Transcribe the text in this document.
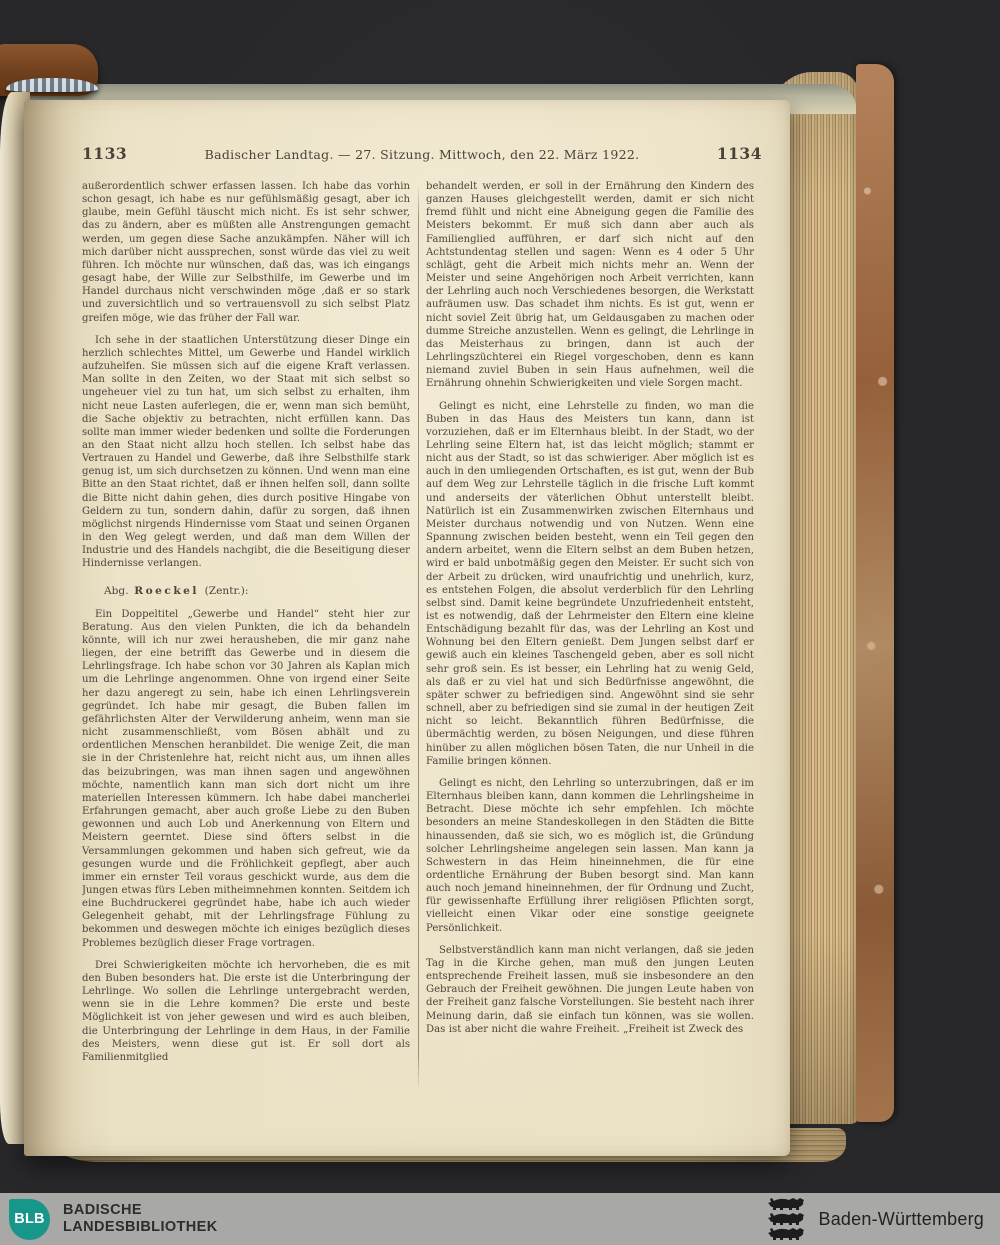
1133	Badischer Landtag. — 27. Sitzung. Mittwoch, den 22. März 1922.	1134

außerordentlich schwer erfassen lassen. Ich habe das vorhin schon gesagt, ich habe es nur gefühlsmäßig gesagt, aber ich glaube, mein Gefühl täuscht mich nicht. Es ist sehr schwer, das zu ändern, aber es müßten alle Anstrengungen gemacht werden, um gegen diese Sache anzukämpfen. Näher will ich mich darüber nicht aussprechen, sonst würde das viel zu weit führen. Ich möchte nur wünschen, daß das, was ich eingangs gesagt habe, der Wille zur Selbsthilfe, im Gewerbe und im Handel durchaus nicht verschwinden möge ,daß er so stark und zuversichtlich und so vertrauensvoll zu sich selbst Platz greifen möge, wie das früher der Fall war.

Ich sehe in der staatlichen Unterstützung dieser Dinge ein herzlich schlechtes Mittel, um Gewerbe und Handel wirklich aufzuhelfen. Sie müssen sich auf die eigene Kraft verlassen. Man sollte in den Zeiten, wo der Staat mit sich selbst so ungeheuer viel zu tun hat, um sich selbst zu erhalten, ihm nicht neue Lasten auferlegen, die er, wenn man sich bemüht, die Sache objektiv zu betrachten, nicht erfüllen kann. Das sollte man immer wieder bedenken und sollte die Forderungen an den Staat nicht allzu hoch stellen. Ich selbst habe das Vertrauen zu Handel und Gewerbe, daß ihre Selbsthilfe stark genug ist, um sich durchsetzen zu können. Und wenn man eine Bitte an den Staat richtet, daß er ihnen helfen soll, dann sollte die Bitte nicht dahin gehen, dies durch positive Hingabe von Geldern zu tun, sondern dahin, dafür zu sorgen, daß ihnen möglichst nirgends Hindernisse vom Staat und seinen Organen in den Weg gelegt werden, und daß man dem Willen der Industrie und des Handels nachgibt, die die Beseitigung dieser Hindernisse verlangen.

Abg. Roeckel (Zentr.):

Ein Doppeltitel „Gewerbe und Handel“ steht hier zur Beratung. Aus den vielen Punkten, die ich da behandeln könnte, will ich nur zwei herausheben, die mir ganz nahe liegen, der eine betrifft das Gewerbe und in diesem die Lehrlingsfrage. Ich habe schon vor 30 Jahren als Kaplan mich um die Lehrlinge angenommen. Ohne von irgend einer Seite her dazu angeregt zu sein, habe ich einen Lehrlingsverein gegründet. Ich habe mir gesagt, die Buben fallen im gefährlichsten Alter der Verwilderung anheim, wenn man sie nicht zusammenschließt, vom Bösen abhält und zu ordentlichen Menschen heranbildet. Die wenige Zeit, die man sie in der Christenlehre hat, reicht nicht aus, um ihnen alles das beizubringen, was man ihnen sagen und angewöhnen möchte, namentlich kann man sich dort nicht um ihre materiellen Interessen kümmern. Ich habe dabei mancherlei Erfahrungen gemacht, aber auch große Liebe zu den Buben gewonnen und auch Lob und Anerkennung von Eltern und Meistern geerntet. Diese sind öfters selbst in die Versammlungen gekommen und haben sich gefreut, wie da gesungen wurde und die Fröhlichkeit gepflegt, aber auch immer ein ernster Teil voraus geschickt wurde, aus dem die Jungen etwas fürs Leben mitheimnehmen konnten. Seitdem ich eine Buchdruckerei gegründet habe, habe ich auch wieder Gelegenheit gehabt, mit der Lehrlingsfrage Fühlung zu bekommen und deswegen möchte ich einiges bezüglich dieses Problemes bezüglich dieser Frage vortragen.

Drei Schwierigkeiten möchte ich hervorheben, die es mit den Buben besonders hat. Die erste ist die Unterbringung der Lehrlinge. Wo sollen die Lehrlinge untergebracht werden, wenn sie in die Lehre kommen? Die erste und beste Möglichkeit ist von jeher gewesen und wird es auch bleiben, die Unterbringung der Lehrlinge in dem Haus, in der Familie des Meisters, wenn diese gut ist. Er soll dort als Familienmitglied

behandelt werden, er soll in der Ernährung den Kindern des ganzen Hauses gleichgestellt werden, damit er sich nicht fremd fühlt und nicht eine Abneigung gegen die Familie des Meisters bekommt. Er muß sich dann aber auch als Familienglied aufführen, er darf sich nicht auf den Achtstundentag stellen und sagen: Wenn es 4 oder 5 Uhr schlägt, geht die Arbeit mich nichts mehr an. Wenn der Meister und seine Angehörigen noch Arbeit verrichten, kann der Lehrling auch noch Verschiedenes besorgen, die Werkstatt aufräumen usw. Das schadet ihm nichts. Es ist gut, wenn er nicht soviel Zeit übrig hat, um Geldausgaben zu machen oder dumme Streiche anzustellen. Wenn es gelingt, die Lehrlinge in das Meisterhaus zu bringen, dann ist auch der Lehrlingszüchterei ein Riegel vorgeschoben, denn es kann niemand zuviel Buben in sein Haus aufnehmen, weil die Ernährung ohnehin Schwierigkeiten und viele Sorgen macht.

Gelingt es nicht, eine Lehrstelle zu finden, wo man die Buben in das Haus des Meisters tun kann, dann ist vorzuziehen, daß er im Elternhaus bleibt. In der Stadt, wo der Lehrling seine Eltern hat, ist das leicht möglich; stammt er nicht aus der Stadt, so ist das schwieriger. Aber möglich ist es auch in den umliegenden Ortschaften, es ist gut, wenn der Bub auf dem Weg zur Lehrstelle täglich in die frische Luft kommt und anderseits der väterlichen Obhut unterstellt bleibt. Natürlich ist ein Zusammenwirken zwischen Elternhaus und Meister durchaus notwendig und von Nutzen. Wenn eine Spannung zwischen beiden besteht, wenn ein Teil gegen den andern arbeitet, wenn die Eltern selbst an dem Buben hetzen, wird er bald unbotmäßig gegen den Meister. Er sucht sich von der Arbeit zu drücken, wird unaufrichtig und unehrlich, kurz, es entstehen Folgen, die absolut verderblich für den Lehrling selbst sind. Damit keine begründete Unzufriedenheit entsteht, ist es notwendig, daß der Lehrmeister den Eltern eine kleine Entschädigung bezahlt für das, was der Lehrling an Kost und Wohnung bei den Eltern genießt. Dem Jungen selbst darf er gewiß auch ein kleines Taschengeld geben, aber es soll nicht sehr groß sein. Es ist besser, ein Lehrling hat zu wenig Geld, als daß er zu viel hat und sich Bedürfnisse angewöhnt, die später schwer zu befriedigen sind. Angewöhnt sind sie sehr schnell, aber zu befriedigen sind sie zumal in der heutigen Zeit nicht so leicht. Bekanntlich führen Bedürfnisse, die übermächtig werden, zu bösen Neigungen, und diese führen hinüber zu allen möglichen bösen Taten, die nur Unheil in die Familie bringen können.

Gelingt es nicht, den Lehrling so unterzubringen, daß er im Elternhaus bleiben kann, dann kommen die Lehrlingsheime in Betracht. Diese möchte ich sehr empfehlen. Ich möchte besonders an meine Standeskollegen in den Städten die Bitte hinaussenden, daß sie sich, wo es möglich ist, die Gründung solcher Lehrlingsheime angelegen sein lassen. Man kann ja Schwestern in das Heim hineinnehmen, die für eine ordentliche Ernährung der Buben besorgt sind. Man kann auch noch jemand hineinnehmen, der für Ordnung und Zucht, für gewissenhafte Erfüllung ihrer religiösen Pflichten sorgt, vielleicht einen Vikar oder eine sonstige geeignete Persönlichkeit.

Selbstverständlich kann man nicht verlangen, daß sie jeden Tag in die Kirche gehen, man muß den jungen Leuten entsprechende Freiheit lassen, muß sie insbesondere an den Gebrauch der Freiheit gewöhnen. Die jungen Leute haben von der Freiheit ganz falsche Vorstellungen. Sie besteht nach ihrer Meinung darin, daß sie einfach tun können, was sie wollen. Das ist aber nicht die wahre Freiheit. „Freiheit ist Zweck des

BLB
BADISCHE
LANDESBIBLIOTHEK	Baden-Württemberg
